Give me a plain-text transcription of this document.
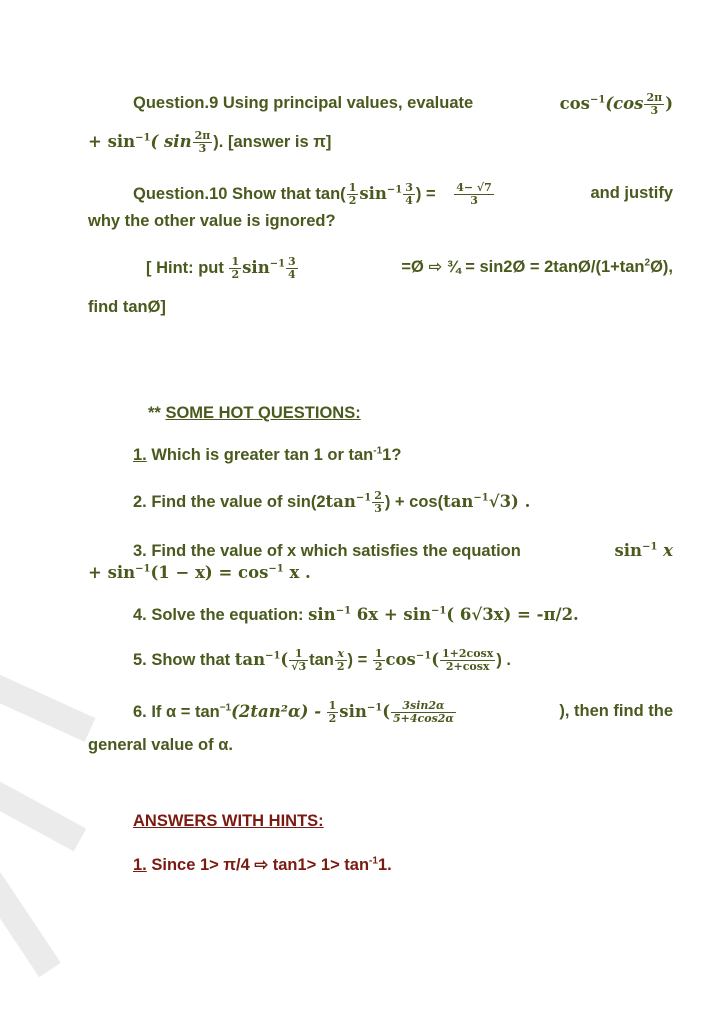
Question.9 Using principal values, evaluate	$\cos^{-1}(\cos \frac{2\pi}{3}$ )
+ $\sin^{-1}$( $\sin \frac{2\pi}{3}$ ). [answer is π]
Question.10 Show that $\tan( \frac{1}{2} \sin^{-1} \frac{3}{4}$ ) = $\frac{4- √7}{3}$	and justify
why the other value is ignored?
[ Hint: put $\frac{1}{2} \sin^{-1} \frac{3}{4}$	=Ø ⇨ ¾ = sin2Ø = $2\tan Ø/(1+\tan^2Ø)$,
find tanØ]
** SOME HOT QUESTIONS:
1. Which is greater tan 1 or $\tan^{-1}1$?
2. Find the value of $\sin(2\tan^{-1} \frac{2}{3}$ ) + $\cos(\tan^{-1}√3)$ .
3. Find the value of x which satisfies the equation	$\sin^{-1} x$
+ $\sin^{-1}(1 - x) = \cos^{-1} x$ .
4. Solve the equation: $\sin^{-1} 6x + \sin^{-1}$( 6√3x) = -π/2.
5. Show that $\tan^{-1}( \frac{1}{√3}$ $\tan \frac{x}{2}$ ) = $\frac{1}{2} \cos^{-1}( \frac{1+2\cos x}{2+\cos x}$ ) .
6. If $\alpha = \tan^{-1}(2\tan^2\alpha) - \frac{1}{2} \sin^{-1}( \frac{3\sin 2\alpha}{5+4\cos 2\alpha}$	), then find the
general value of α.
ANSWERS WITH HINTS:
1. Since 1> π/4 ⇨ $\tan 1> 1> \tan^{-1}1$.
